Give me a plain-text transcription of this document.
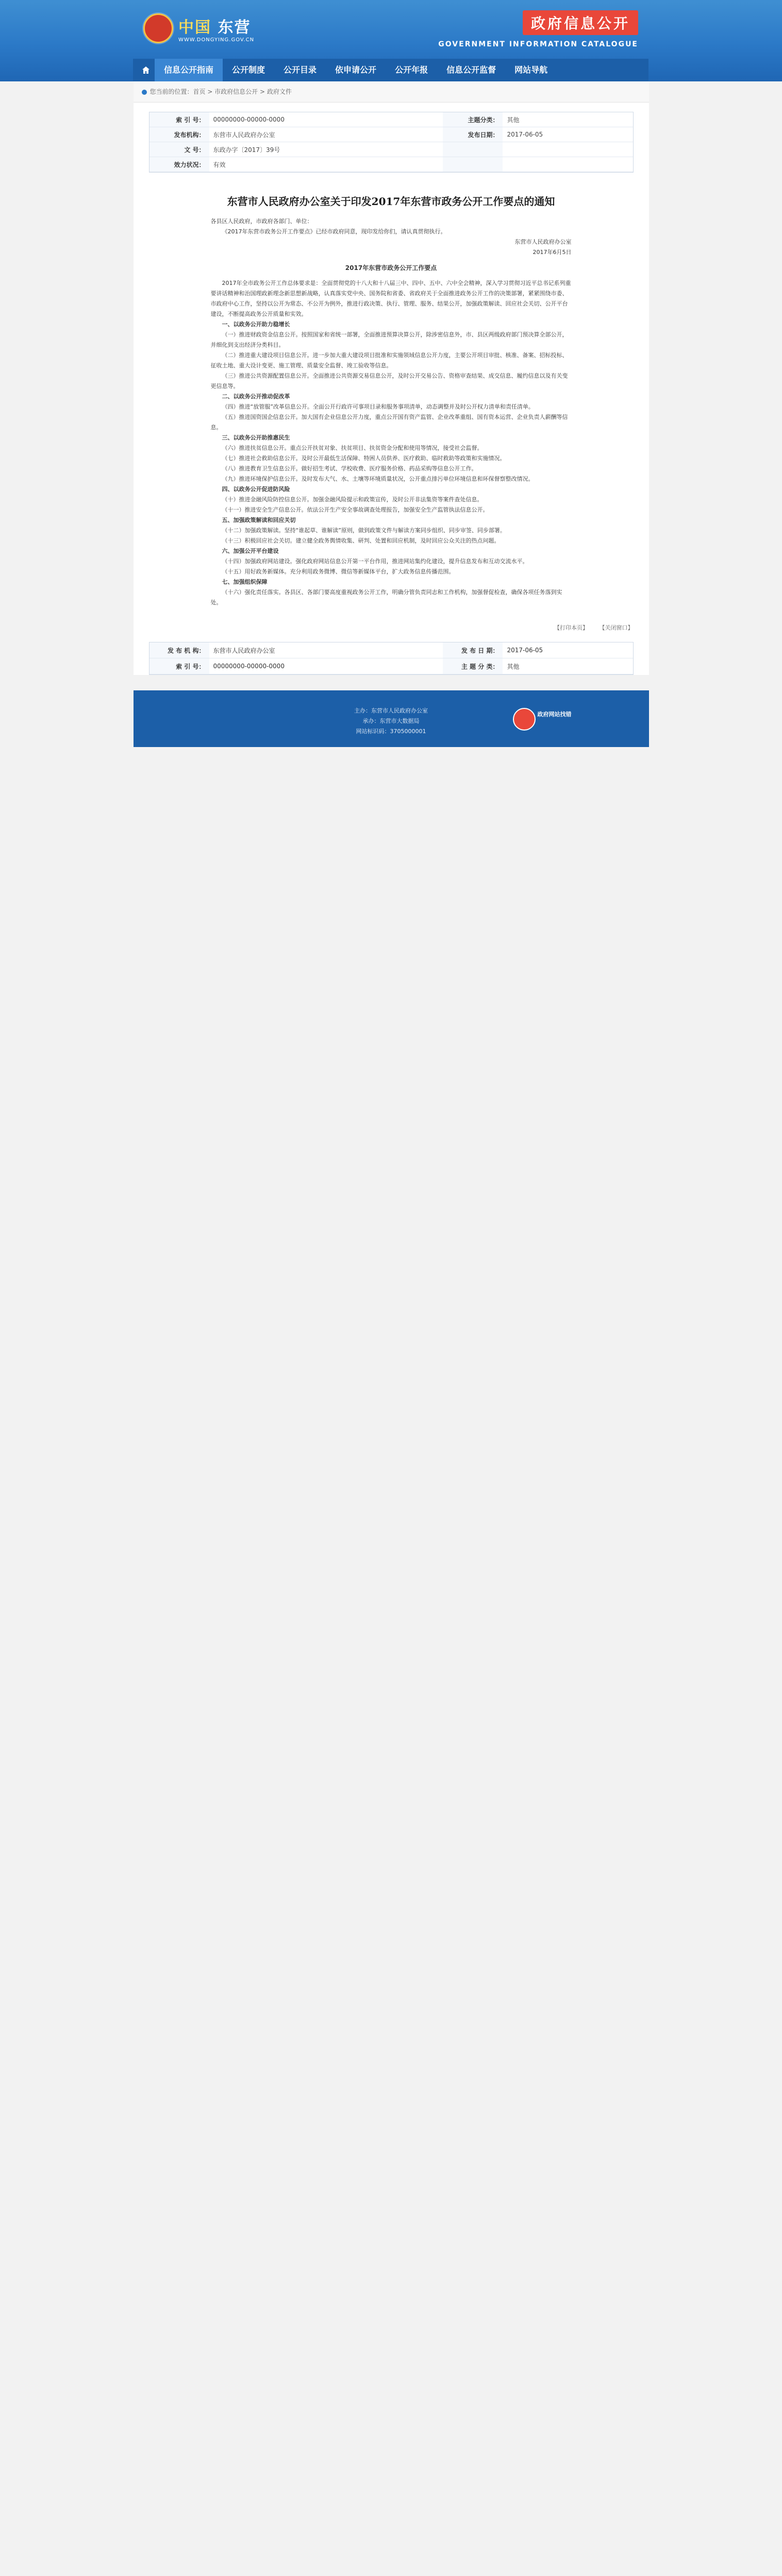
中国 东营
WWW.DONGYING.GOV.CN
政府信息公开
GOVERNMENT INFORMATION CATALOGUE
信息公开指南	公开制度	公开目录	依申请公开	公开年报	信息公开监督	网站导航
您当前的位置：首页 > 市政府信息公开 > 政府文件
索 引 号：	00000000-00000-0000	主题分类：	其他
发布机构：	东营市人民政府办公室	发布日期：	2017-06-05
文 号：	东政办字〔2017〕39号		
效力状况：	有效		
东营市人民政府办公室关于印发2017年东营市政务公开工作要点的通知

各县区人民政府，市政府各部门、单位：

《2017年东营市政务公开工作要点》已经市政府同意，现印发给你们，请认真贯彻执行。

东营市人民政府办公室

2017年6月5日

2017年东营市政务公开工作要点

2017年全市政务公开工作总体要求是：全面贯彻党的十八大和十八届三中、四中、五中、六中全会精神，深入学习贯彻习近平总书记系列重要讲话精神和治国理政新理念新思想新战略，认真落实党中央、国务院和省委、省政府关于全面推进政务公开工作的决策部署，紧紧围绕市委、市政府中心工作，坚持以公开为常态、不公开为例外，推进行政决策、执行、管理、服务、结果公开，加强政策解读、回应社会关切、公开平台建设，不断提高政务公开质量和实效。

一、以政务公开助力稳增长

（一）推进财政资金信息公开。按照国家和省统一部署，全面推进预算决算公开，除涉密信息外，市、县区两级政府部门预决算全部公开，并细化到支出经济分类科目。

（二）推进重大建设项目信息公开。进一步加大重大建设项目批准和实施领域信息公开力度，主要公开项目审批、核准、备案、招标投标、征收土地、重大设计变更、施工管理、质量安全监督、竣工验收等信息。

（三）推进公共资源配置信息公开。全面推进公共资源交易信息公开，及时公开交易公告、资格审查结果、成交信息、履约信息以及有关变更信息等。

二、以政务公开推动促改革

（四）推进“放管服”改革信息公开。全面公开行政许可事项目录和服务事项清单，动态调整并及时公开权力清单和责任清单。

（五）推进国资国企信息公开。加大国有企业信息公开力度，重点公开国有资产监管、企业改革重组、国有资本运营、企业负责人薪酬等信息。

三、以政务公开助推惠民生

（六）推进扶贫信息公开。重点公开扶贫对象、扶贫项目、扶贫资金分配和使用等情况，接受社会监督。

（七）推进社会救助信息公开。及时公开最低生活保障、特困人员供养、医疗救助、临时救助等政策和实施情况。

（八）推进教育卫生信息公开。做好招生考试、学校收费、医疗服务价格、药品采购等信息公开工作。

（九）推进环境保护信息公开。及时发布大气、水、土壤等环境质量状况，公开重点排污单位环境信息和环保督察整改情况。

四、以政务公开促进防风险

（十）推进金融风险防控信息公开。加强金融风险提示和政策宣传，及时公开非法集资等案件查处信息。

（十一）推进安全生产信息公开。依法公开生产安全事故调查处理报告，加强安全生产监管执法信息公开。

五、加强政策解读和回应关切

（十二）加强政策解读。坚持“谁起草、谁解读”原则，做到政策文件与解读方案同步组织、同步审签、同步部署。

（十三）积极回应社会关切。建立健全政务舆情收集、研判、处置和回应机制，及时回应公众关注的热点问题。

六、加强公开平台建设

（十四）加强政府网站建设。强化政府网站信息公开第一平台作用，推进网站集约化建设，提升信息发布和互动交流水平。

（十五）用好政务新媒体。充分利用政务微博、微信等新媒体平台，扩大政务信息传播范围。

七、加强组织保障

（十六）强化责任落实。各县区、各部门要高度重视政务公开工作，明确分管负责同志和工作机构，加强督促检查，确保各项任务落到实处。

【打印本页】 【关闭窗口】
发 布 机 构：	东营市人民政府办公室	发 布 日 期：	2017-06-05
索 引 号：	00000000-00000-0000	主 题 分 类：	其他
主办：东营市人民政府办公室
承办：东营市大数据局
网站标识码：3705000001
政府网站找错
